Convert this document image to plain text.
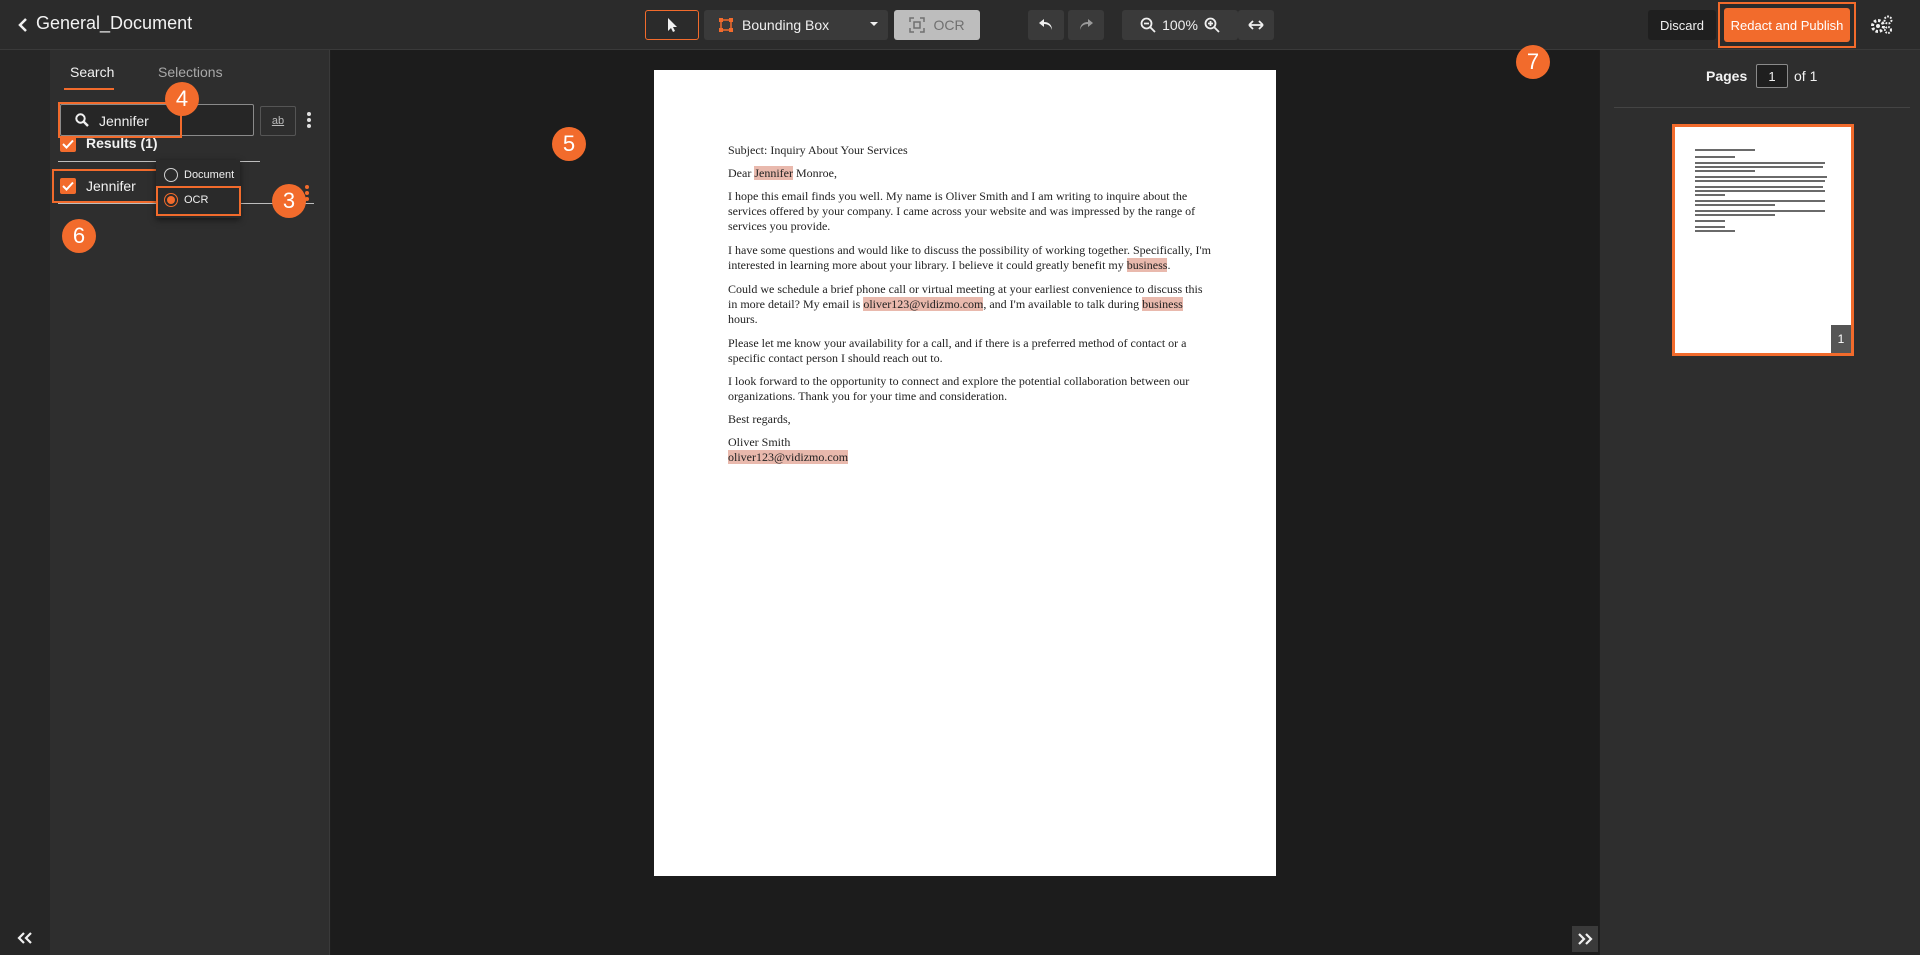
General_Document	Bounding Box	OCR	100%	Discard	Redact and Publish
Search	Selections
Jennifer	ab
Results (1)
Jennifer
Document
OCR
Subject: Inquiry About Your Services
Dear Jennifer Monroe,
I hope this email finds you well. My name is Oliver Smith and I am writing to inquire about the services offered by your company. I came across your website and was impressed by the range of services you provide.
I have some questions and would like to discuss the possibility of working together. Specifically, I'm interested in learning more about your library. I believe it could greatly benefit my business.
Could we schedule a brief phone call or virtual meeting at your earliest convenience to discuss this in more detail? My email is oliver123@vidizmo.com, and I'm available to talk during business hours.
Please let me know your availability for a call, and if there is a preferred method of contact or a specific contact person I should reach out to.
I look forward to the opportunity to connect and explore the potential collaboration between our organizations. Thank you for your time and consideration.
Best regards,
Oliver Smith
oliver123@vidizmo.com
Pages	1	of 1
1
3
4
5
6
7
